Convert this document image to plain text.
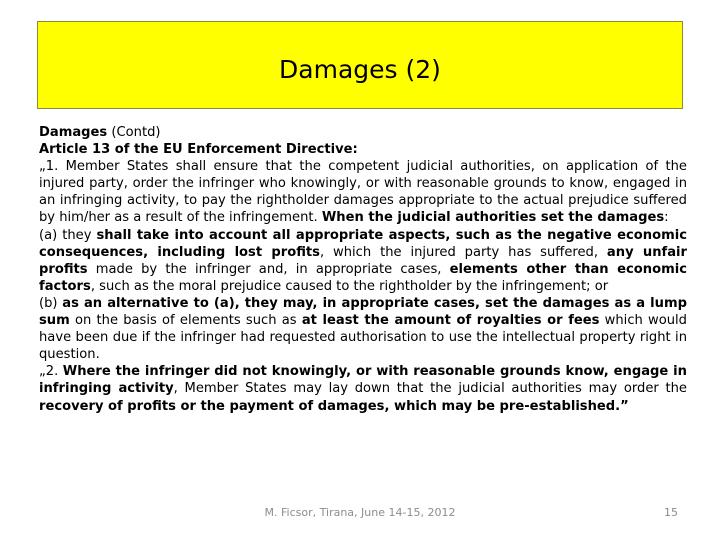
Damages (2)

Damages (Contd)

Article 13 of the EU Enforcement Directive:

„1. Member States shall ensure that the competent judicial authorities, on application of the injured party, order the infringer who knowingly, or with reasonable grounds to know, engaged in an infringing activity, to pay the rightholder damages appropriate to the actual prejudice suffered by him/her as a result of the infringement. When the judicial authorities set the damages:

(a) they shall take into account all appropriate aspects, such as the negative economic consequences, including lost profits, which the injured party has suffered, any unfair profits made by the infringer and, in appropriate cases, elements other than economic factors, such as the moral prejudice caused to the rightholder by the infringement; or

(b) as an alternative to (a), they may, in appropriate cases, set the damages as a lump sum on the basis of elements such as at least the amount of royalties or fees which would have been due if the infringer had requested authorisation to use the intellectual property right in question.

„2. Where the infringer did not knowingly, or with reasonable grounds know, engage in infringing activity, Member States may lay down that the judicial authorities may order the recovery of profits or the payment of damages, which may be pre-established.”

M. Ficsor, Tirana, June 14-15, 2012	15
